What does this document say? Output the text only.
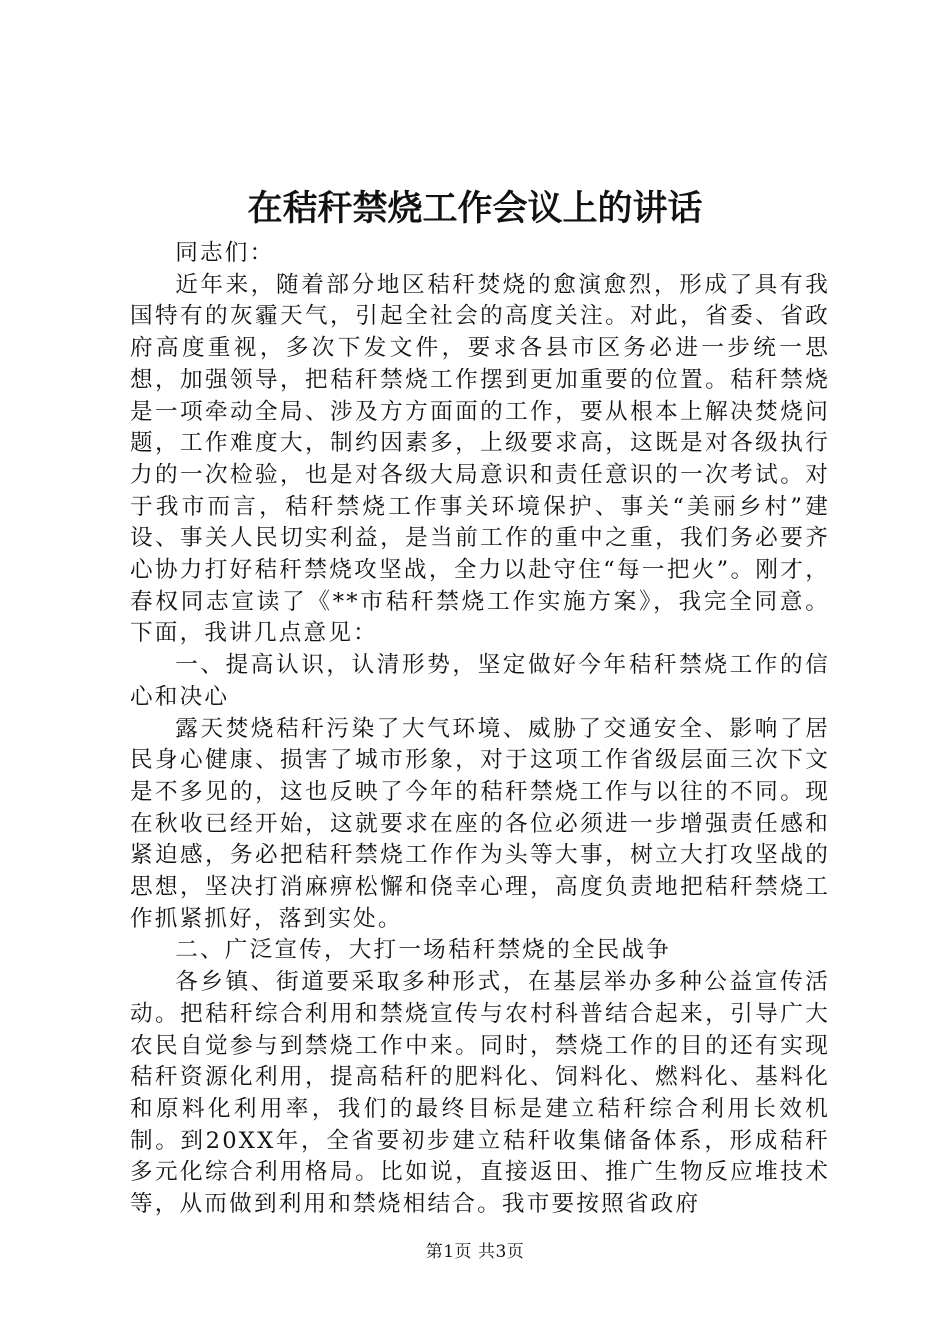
在秸秆禁烧工作会议上的讲话

同志们：

近年来，随着部分地区秸秆焚烧的愈演愈烈，形成了具有我国特有的灰霾天气，引起全社会的高度关注。对此，省委、省政府高度重视，多次下发文件，要求各县市区务必进一步统一思想，加强领导，把秸秆禁烧工作摆到更加重要的位置。秸秆禁烧是一项牵动全局、涉及方方面面的工作，要从根本上解决焚烧问题，工作难度大，制约因素多，上级要求高，这既是对各级执行力的一次检验，也是对各级大局意识和责任意识的一次考试。对于我市而言，秸秆禁烧工作事关环境保护、事关“美丽乡村”建设、事关人民切实利益，是当前工作的重中之重，我们务必要齐心协力打好秸秆禁烧攻坚战，全力以赴守住“每一把火”。刚才，春权同志宣读了《**市秸秆禁烧工作实施方案》，我完全同意。下面，我讲几点意见：

一、提高认识，认清形势，坚定做好今年秸秆禁烧工作的信心和决心

露天焚烧秸秆污染了大气环境、威胁了交通安全、影响了居民身心健康、损害了城市形象，对于这项工作省级层面三次下文是不多见的，这也反映了今年的秸秆禁烧工作与以往的不同。现在秋收已经开始，这就要求在座的各位必须进一步增强责任感和紧迫感，务必把秸秆禁烧工作作为头等大事，树立大打攻坚战的思想，坚决打消麻痹松懈和侥幸心理，高度负责地把秸秆禁烧工作抓紧抓好，落到实处。

二、广泛宣传，大打一场秸秆禁烧的全民战争

各乡镇、街道要采取多种形式，在基层举办多种公益宣传活动。把秸秆综合利用和禁烧宣传与农村科普结合起来，引导广大农民自觉参与到禁烧工作中来。同时，禁烧工作的目的还有实现秸秆资源化利用，提高秸秆的肥料化、饲料化、燃料化、基料化和原料化利用率，我们的最终目标是建立秸秆综合利用长效机制。到20XX年，全省要初步建立秸秆收集储备体系，形成秸秆多元化综合利用格局。比如说，直接返田、推广生物反应堆技术等，从而做到利用和禁烧相结合。我市要按照省政府

第1页 共3页
